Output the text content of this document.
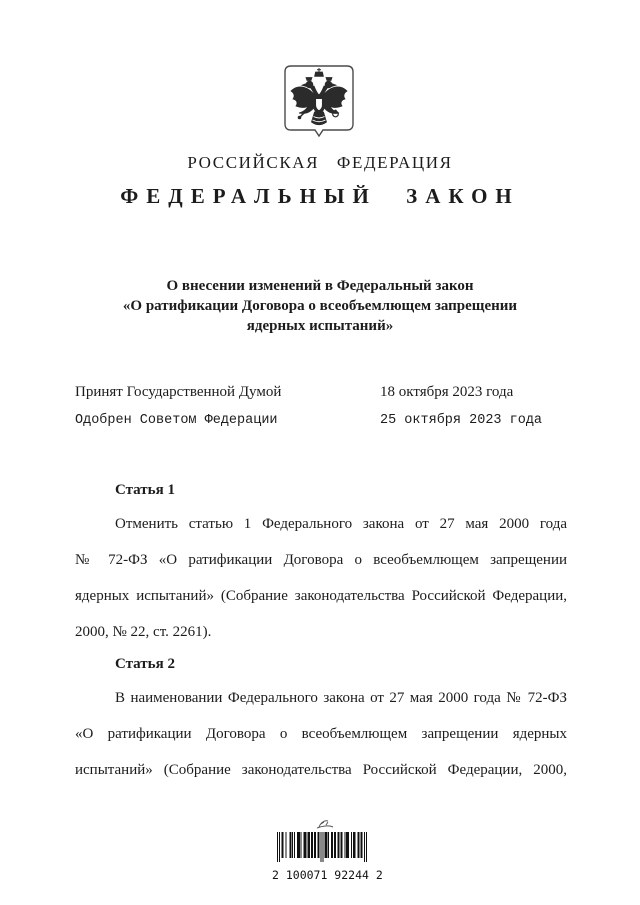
РОССИЙСКАЯ ФЕДЕРАЦИЯ
ФЕДЕРАЛЬНЫЙ ЗАКОН
О внесении изменений в Федеральный закон
«О ратификации Договора о всеобъемлющем запрещении
ядерных испытаний»
Принят Государственной Думой	18 октября 2023 года
Одобрен Советом Федерации	25 октября 2023 года
Статья 1
Отменить статью 1 Федерального закона от 27 мая 2000 года
№ 72-ФЗ «О ратификации Договора о всеобъемлющем запрещении
ядерных испытаний» (Собрание законодательства Российской Федерации,
2000, № 22, ст. 2261).
Статья 2
В наименовании Федерального закона от 27 мая 2000 года № 72-ФЗ
«О ратификации Договора о всеобъемлющем запрещении ядерных
испытаний» (Собрание законодательства Российской Федерации, 2000,
2 100071 92244 2
